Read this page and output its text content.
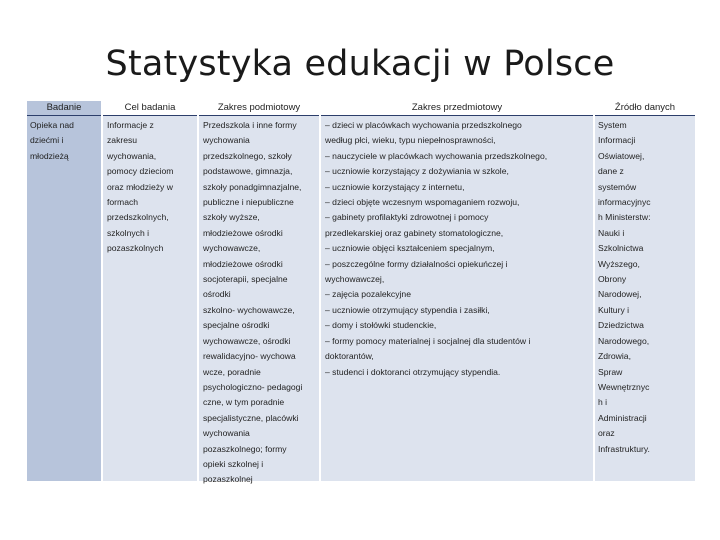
Statystyka edukacji w Polsce
Badanie
Opieka nad
dziećmi i
młodzieżą
Cel badania
Informacje z
zakresu
wychowania,
pomocy dzieciom
oraz młodzieży w
formach
przedszkolnych,
szkolnych i
pozaszkolnych
Zakres podmiotowy
Przedszkola i inne formy
wychowania
przedszkolnego, szkoły
podstawowe, gimnazja,
szkoły ponadgimnazjalne,
publiczne i niepubliczne
szkoły wyższe,
młodzieżowe ośrodki
wychowawcze,
młodzieżowe ośrodki
socjoterapii, specjalne
ośrodki
szkolno- wychowawcze,
specjalne ośrodki
wychowawcze, ośrodki
rewalidacyjno- wychowa
wcze, poradnie
psychologiczno- pedagogi
czne, w tym poradnie
specjalistyczne, placówki
wychowania
pozaszkolnego; formy
opieki szkolnej i
pozaszkolnej
Zakres przedmiotowy
– dzieci w placówkach wychowania przedszkolnego
według płci, wieku, typu niepełnosprawności,
– nauczyciele w placówkach wychowania przedszkolnego,
– uczniowie korzystający z dożywiania w szkole,
– uczniowie korzystający z internetu,
– dzieci objęte wczesnym wspomaganiem rozwoju,
– gabinety profilaktyki zdrowotnej i pomocy
przedlekarskiej oraz gabinety stomatologiczne,
– uczniowie objęci kształceniem specjalnym,
– poszczególne formy działalności opiekuńczej i
wychowawczej,
– zajęcia pozalekcyjne
– uczniowie otrzymujący stypendia i zasiłki,
– domy i stołówki studenckie,
– formy pomocy materialnej i socjalnej dla studentów i
doktorantów,
– studenci i doktoranci otrzymujący stypendia.
Źródło danych
System
Informacji
Oświatowej,
dane z
systemów
informacyjnyc
h Ministerstw:
Nauki i
Szkolnictwa
Wyższego,
Obrony
Narodowej,
Kultury i
Dziedzictwa
Narodowego,
Zdrowia,
Spraw
Wewnętrznyc
h i
Administracji
oraz
Infrastruktury.
